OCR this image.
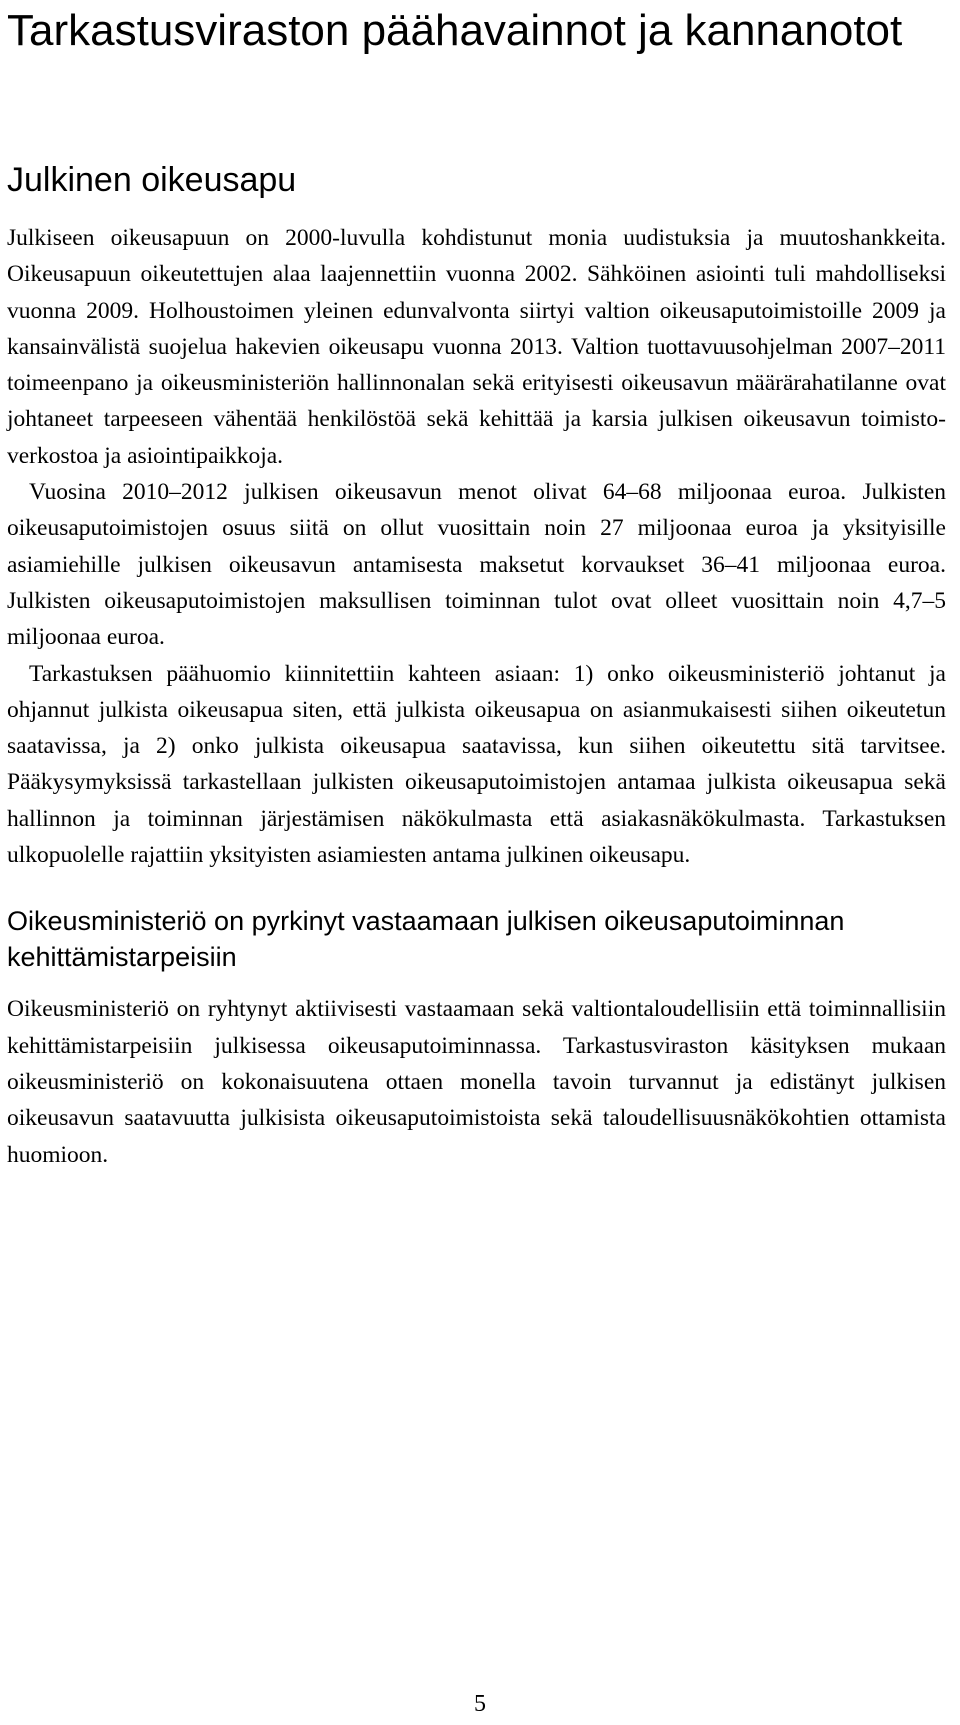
Tarkastusviraston päähavainnot ja kannanotot
Julkinen oikeusapu

Julkiseen oikeusapuun on 2000-luvulla kohdistunut monia uudistuksia ja muutoshankkeita. Oikeusapuun oikeutettujen alaa laajennettiin vuonna 2002. Sähköinen asiointi tuli mahdolliseksi vuonna 2009. Holhoustoimen yleinen edunvalvonta siirtyi valtion oikeusaputoimistoille 2009 ja kansainvälistä suojelua hakevien oikeusapu vuonna 2013. Valtion tuottavuusohjelman 2007–2011 toimeenpano ja oikeusministeriön hallinnonalan sekä erityisesti oikeusavun määrärahatilanne ovat johtaneet tarpeeseen vähentää henkilöstöä sekä kehittää ja karsia julkisen oikeusavun toimistoverkostoa ja asiointipaikkoja.

Vuosina 2010–2012 julkisen oikeusavun menot olivat 64–68 miljoonaa euroa. Julkisten oikeusaputoimistojen osuus siitä on ollut vuosittain noin 27 miljoonaa euroa ja yksityisille asiamiehille julkisen oikeusavun antamisesta maksetut korvaukset 36–41 miljoonaa euroa. Julkisten oikeusaputoimistojen maksullisen toiminnan tulot ovat olleet vuosittain noin 4,7–5 miljoonaa euroa.

Tarkastuksen päähuomio kiinnitettiin kahteen asiaan: 1) onko oikeusministeriö johtanut ja ohjannut julkista oikeusapua siten, että julkista oikeusapua on asianmukaisesti siihen oikeutetun saatavissa, ja 2) onko julkista oikeusapua saatavissa, kun siihen oikeutettu sitä tarvitsee. Pääkysymyksissä tarkastellaan julkisten oikeusaputoimistojen antamaa julkista oikeusapua sekä hallinnon ja toiminnan järjestämisen näkökulmasta että asiakasnäkökulmasta. Tarkastuksen ulkopuolelle rajattiin yksityisten asiamiesten antama julkinen oikeusapu.

Oikeusministeriö on pyrkinyt vastaamaan julkisen oikeusaputoiminnan kehittämistarpeisiin

Oikeusministeriö on ryhtynyt aktiivisesti vastaamaan sekä valtiontaloudellisiin että toiminnallisiin kehittämistarpeisiin julkisessa oikeusaputoiminnassa. Tarkastusviraston käsityksen mukaan oikeusministeriö on kokonaisuutena ottaen monella tavoin turvannut ja edistänyt julkisen oikeusavun saatavuutta julkisista oikeusaputoimistoista sekä taloudellisuusnäkökohtien ottamista huomioon.

5
